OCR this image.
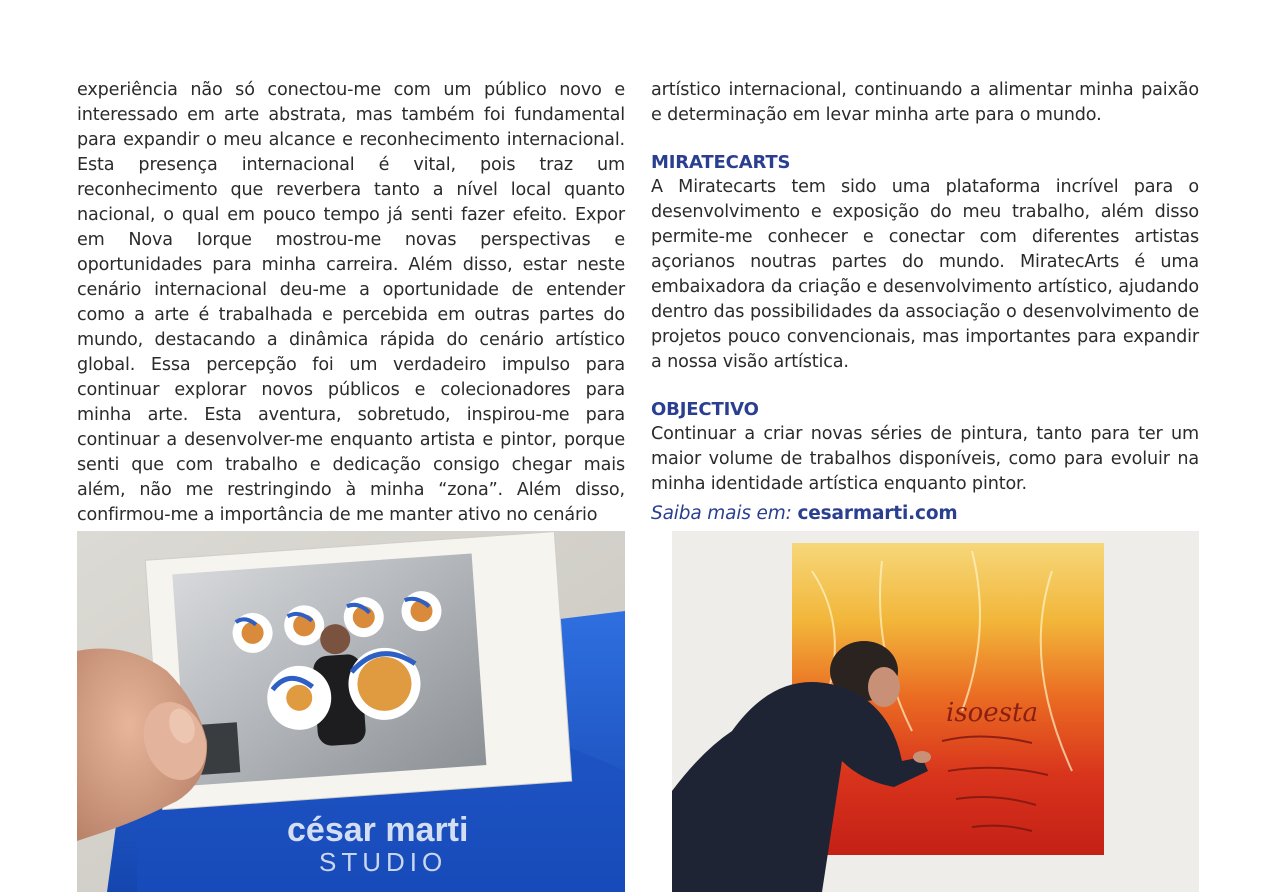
experiência não só conectou-me com um público novo e interessado em arte abstrata, mas também foi fundamental para expandir o meu alcance e reconhecimento internacional. Esta presença internacional é vital, pois traz um reconhecimento que reverbera tanto a nível local quanto nacional, o qual em pouco tempo já senti fazer efeito. Expor em Nova Iorque mostrou-me novas perspectivas e oportunidades para minha carreira. Além disso, estar neste cenário internacional deu-me a oportunidade de entender como a arte é trabalhada e percebida em outras partes do mundo, destacando a dinâmica rápida do cenário artístico global. Essa percepção foi um verdadeiro impulso para continuar explorar novos públicos e colecionadores para minha arte. Esta aventura, sobretudo, inspirou-me para continuar a desenvolver-me enquanto artista e pintor, porque senti que com trabalho e dedicação consigo chegar mais além, não me restringindo à minha “zona”. Além disso, confirmou-me a importância de me manter ativo no cenário

artístico internacional, continuando a alimentar minha paixão e determinação em levar minha arte para o mundo.

MIRATECARTS

A Miratecarts tem sido uma plataforma incrível para o desenvolvimento e exposição do meu trabalho, além disso permite-me conhecer e conectar com diferentes artistas açorianos noutras partes do mundo. MiratecArts é uma embaixadora da criação e desenvolvimento artístico, ajudando dentro das possibilidades da associação o desenvolvimento de projetos pouco convencionais, mas importantes para expandir a nossa visão artística.

OBJECTIVO

Continuar a criar novas séries de pintura, tanto para ter um maior volume de trabalhos disponíveis, como para evoluir na minha identidade artística enquanto pintor.

Saiba mais em: cesarmarti.com
césar marti
STUDIO
isoesta
